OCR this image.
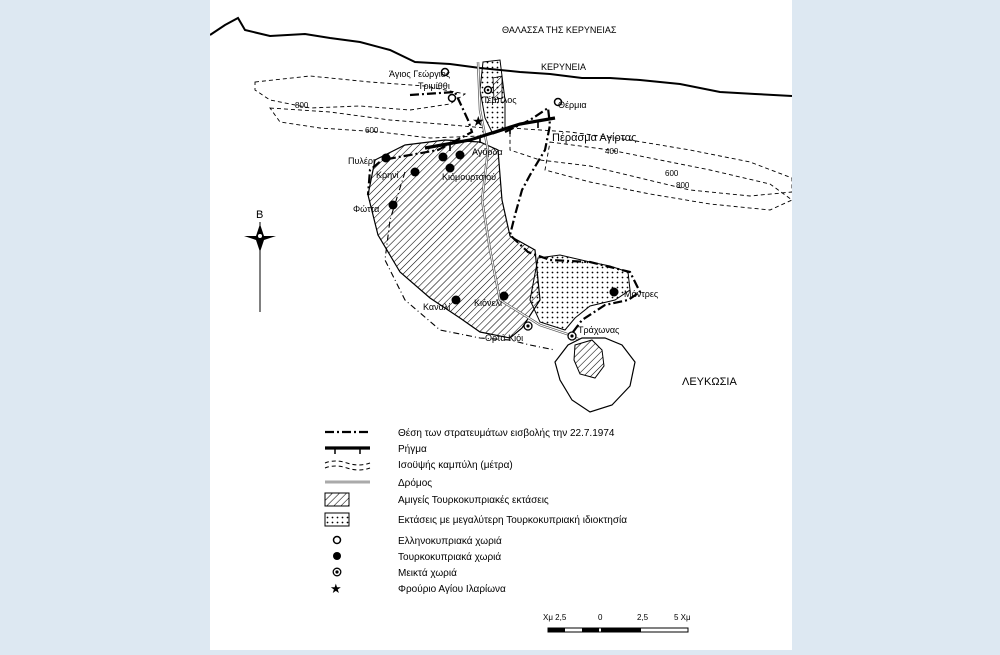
ΘΑΛΑΣΣΑ ΤΗΣ ΚΕΡΥΝΕΙΑΣ
ΚΕΡΥΝΕΙΑ
800
600
400
600
800
Πέρασμα Αγίρτας
ΛΕΥΚΩΣΙΑ
★
Άγιος Γεώργιος
Τριμίθθι
Τέμπλος	Θέρμια
Πυλέρι
Αγύρδα
Κρηνί	Κιόμουρτσιού
Φώττα
Κιόνελι
Καναλί
Μάντρες
Ορτά Κιόι
Τράχωνας
Β
Θέση των στρατευμάτων εισβολής την 22.7.1974
Ρήγμα
Ισοϋψής καμπύλη (μέτρα)
Δρόμος
Αμιγείς Τουρκοκυπριακές εκτάσεις
Εκτάσεις με μεγαλύτερη Τουρκοκυπριακή ιδιοκτησία
Ελληνοκυπριακά χωριά
Τουρκοκυπριακά χωριά
Μεικτά χωριά
★	Φρούριο Αγίου Ιλαρίωνα
Χμ 2,5	0	2,5	5 Χμ
